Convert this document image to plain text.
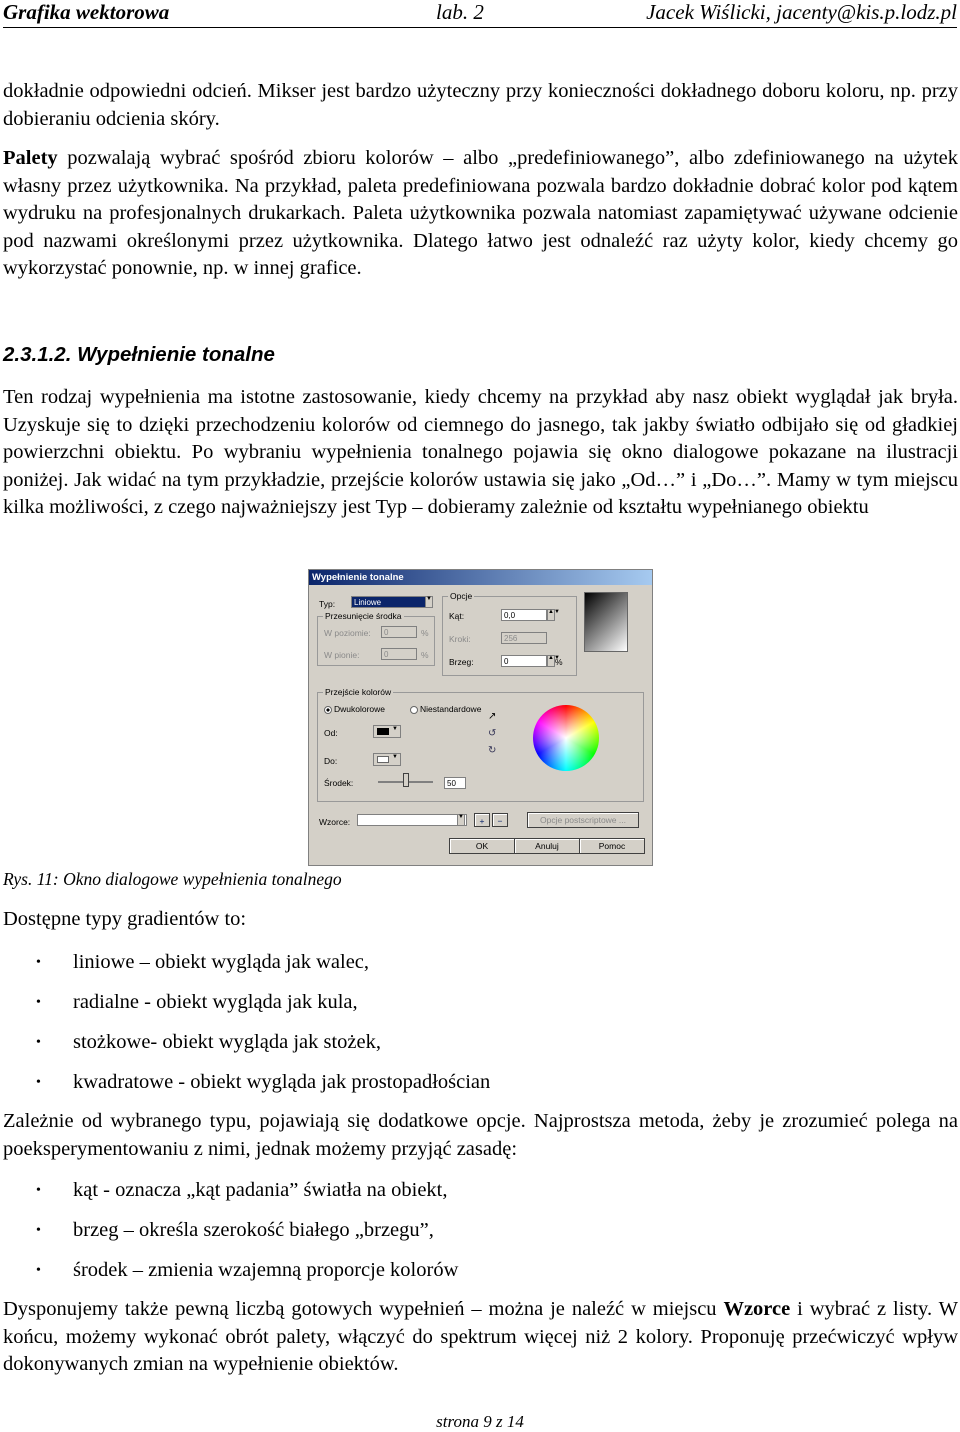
Grafika wektorowa	lab. 2	Jacek Wiślicki, jacenty@kis.p.lodz.pl

dokładnie odpowiedni odcień. Mikser jest bardzo użyteczny przy konieczności dokładnego doboru koloru, np. przy dobieraniu odcienia skóry.

Palety pozwalają wybrać spośród zbioru kolorów – albo „predefiniowanego”, albo zdefiniowanego na użytek własny przez użytkownika. Na przykład, paleta predefiniowana pozwala bardzo dokładnie dobrać kolor pod kątem wydruku na profesjonalnych drukarkach. Paleta użytkownika pozwala natomiast zapamiętywać używane odcienie pod nazwami określonymi przez użytkownika. Dlatego łatwo jest odnaleźć raz użyty kolor, kiedy chcemy go wykorzystać ponownie, np. w innej grafice.

2.3.1.2. Wypełnienie tonalne

Ten rodzaj wypełnienia ma istotne zastosowanie, kiedy chcemy na przykład aby nasz obiekt wyglądał jak bryła. Uzyskuje się to dzięki przechodzeniu kolorów od ciemnego do jasnego, tak jakby światło odbijało się od gładkiej powierzchni obiektu. Po wybraniu wypełnienia tonalnego pojawia się okno dialogowe pokazane na ilustracji poniżej. Jak widać na tym przykładzie, przejście kolorów ustawia się jako „Od…” i „Do…”. Mamy w tym miejscu kilka możliwości, z czego najważniejszy jest Typ – dobieramy zależnie od kształtu wypełnianego obiektu

Wypełnienie tonalne
Typ:	Liniowe	▼
Przesunięcie środka
W poziomie:	0	%
W pionie:	0	%
Opcje
Kąt:	0,0	▲▼
Kroki:	256
Brzeg:	0	▲▼
%
Przejście kolorów
Dwukolorowe	Niestandardowe
Od:	▼
Do:	▼
Środek:	50
↗
↺
↻
Wzorce:	▼	+	−	Opcje postscriptowe ...
OK	Anuluj	Pomoc
Rys. 11: Okno dialogowe wypełnienia tonalnego
Dostępne typy gradientów to:
• liniowe – obiekt wygląda jak walec,
• radialne - obiekt wygląda jak kula,
• stożkowe- obiekt wygląda jak stożek,
• kwadratowe - obiekt wygląda jak prostopadłościan

Zależnie od wybranego typu, pojawiają się dodatkowe opcje. Najprostsza metoda, żeby je zrozumieć polega na poeksperymentowaniu z nimi, jednak możemy przyjąć zasadę:

• kąt - oznacza „kąt padania” światła na obiekt,
• brzeg – określa szerokość białego „brzegu”,
• środek – zmienia wzajemną proporcje kolorów

Dysponujemy także pewną liczbą gotowych wypełnień – można je naleźć w miejscu Wzorce i wybrać z listy. W końcu, możemy wykonać obrót palety, włączyć do spektrum więcej niż 2 kolory. Proponuję przećwiczyć wpływ dokonywanych zmian na wypełnienie obiektów.

strona 9 z 14
